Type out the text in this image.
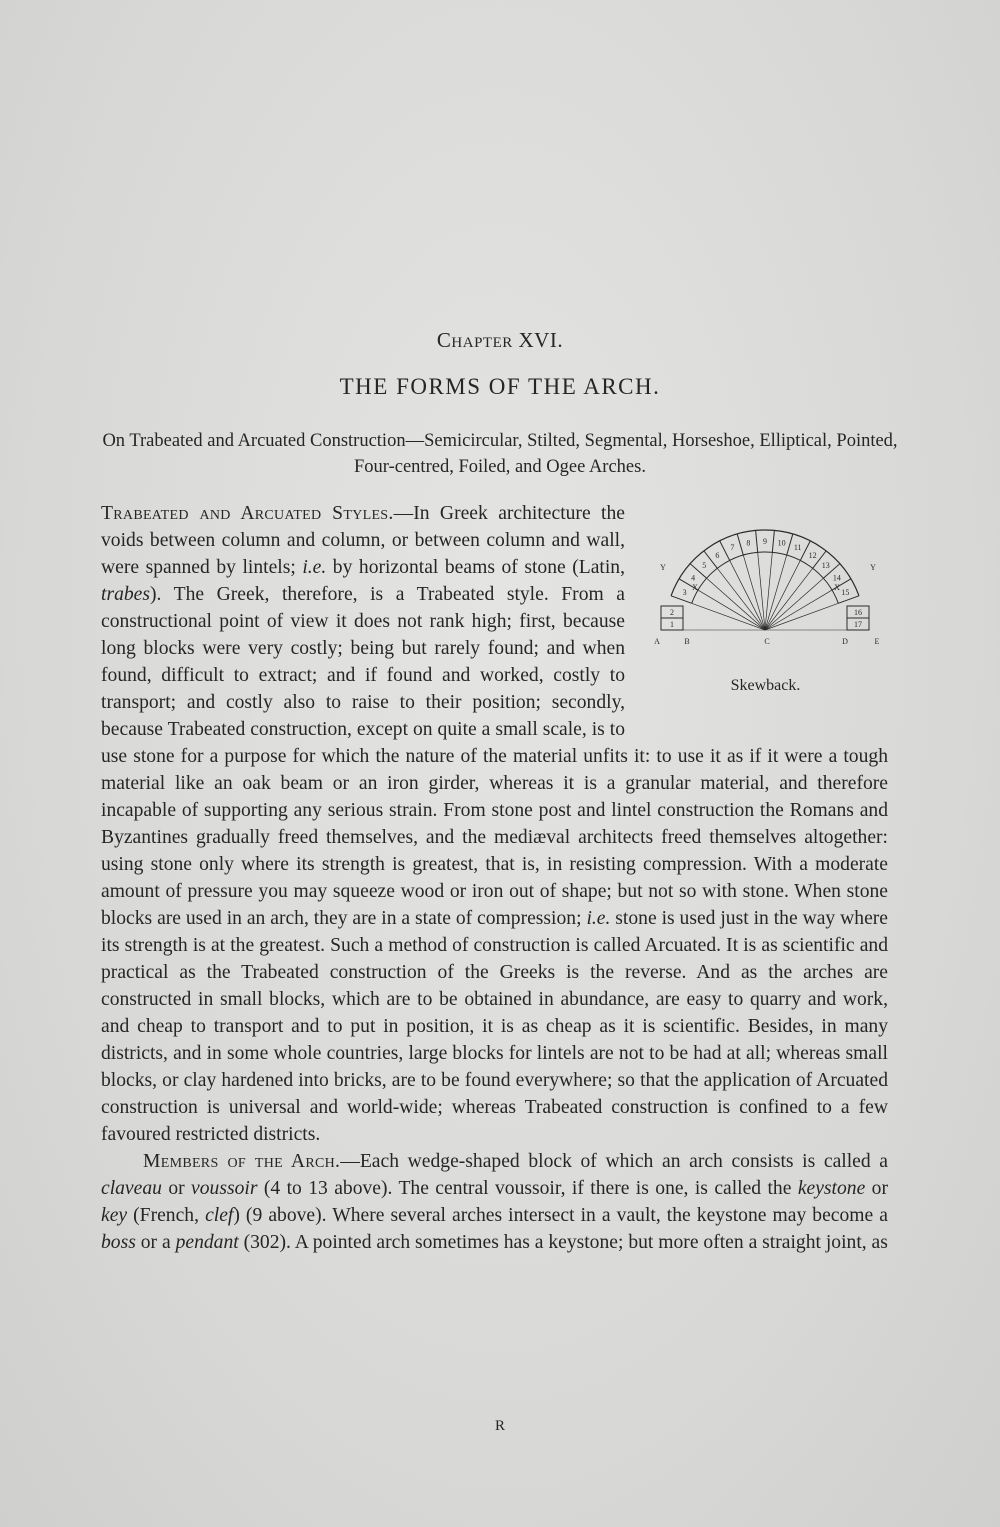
Chapter XVI.
THE FORMS OF THE ARCH.
On Trabeated and Arcuated Construction—Semicircular, Stilted, Segmental, Horseshoe, Elliptical, Pointed, Four-centred, Foiled, and Ogee Arches.
3
4
5
6
7
8 9 10
11
12
13
14
15
1	17
2	16
A	B	C	D	E
Y	Y
X	X
Skewback.

Trabeated and Arcuated Styles.—In Greek architecture the voids between column and column, or between column and wall, were spanned by lintels; i.e. by horizontal beams of stone (Latin, trabes). The Greek, therefore, is a Trabeated style. From a constructional point of view it does not rank high; first, because long blocks were very costly; being but rarely found; and when found, difficult to extract; and if found and worked, costly to transport; and costly also to raise to their position; secondly, because Trabeated construction, except on quite a small scale, is to use stone for a purpose for which the nature of the material unfits it: to use it as if it were a tough material like an oak beam or an iron girder, whereas it is a granular material, and therefore incapable of supporting any serious strain. From stone post and lintel construction the Romans and Byzantines gradually freed themselves, and the mediæval architects freed themselves altogether: using stone only where its strength is greatest, that is, in resisting compression. With a moderate amount of pressure you may squeeze wood or iron out of shape; but not so with stone. When stone blocks are used in an arch, they are in a state of compression; i.e. stone is used just in the way where its strength is at the greatest. Such a method of construction is called Arcuated. It is as scientific and practical as the Trabeated construction of the Greeks is the reverse. And as the arches are constructed in small blocks, which are to be obtained in abundance, are easy to quarry and work, and cheap to transport and to put in position, it is as cheap as it is scientific. Besides, in many districts, and in some whole countries, large blocks for lintels are not to be had at all; whereas small blocks, or clay hardened into bricks, are to be found everywhere; so that the application of Arcuated construction is universal and world-wide; whereas Trabeated construction is confined to a few favoured restricted districts.

Members of the Arch.—Each wedge-shaped block of which an arch consists is called a claveau or voussoir (4 to 13 above). The central voussoir, if there is one, is called the keystone or key (French, clef) (9 above). Where several arches intersect in a vault, the keystone may become a boss or a pendant (302). A pointed arch sometimes has a keystone; but more often a straight joint, as

R
